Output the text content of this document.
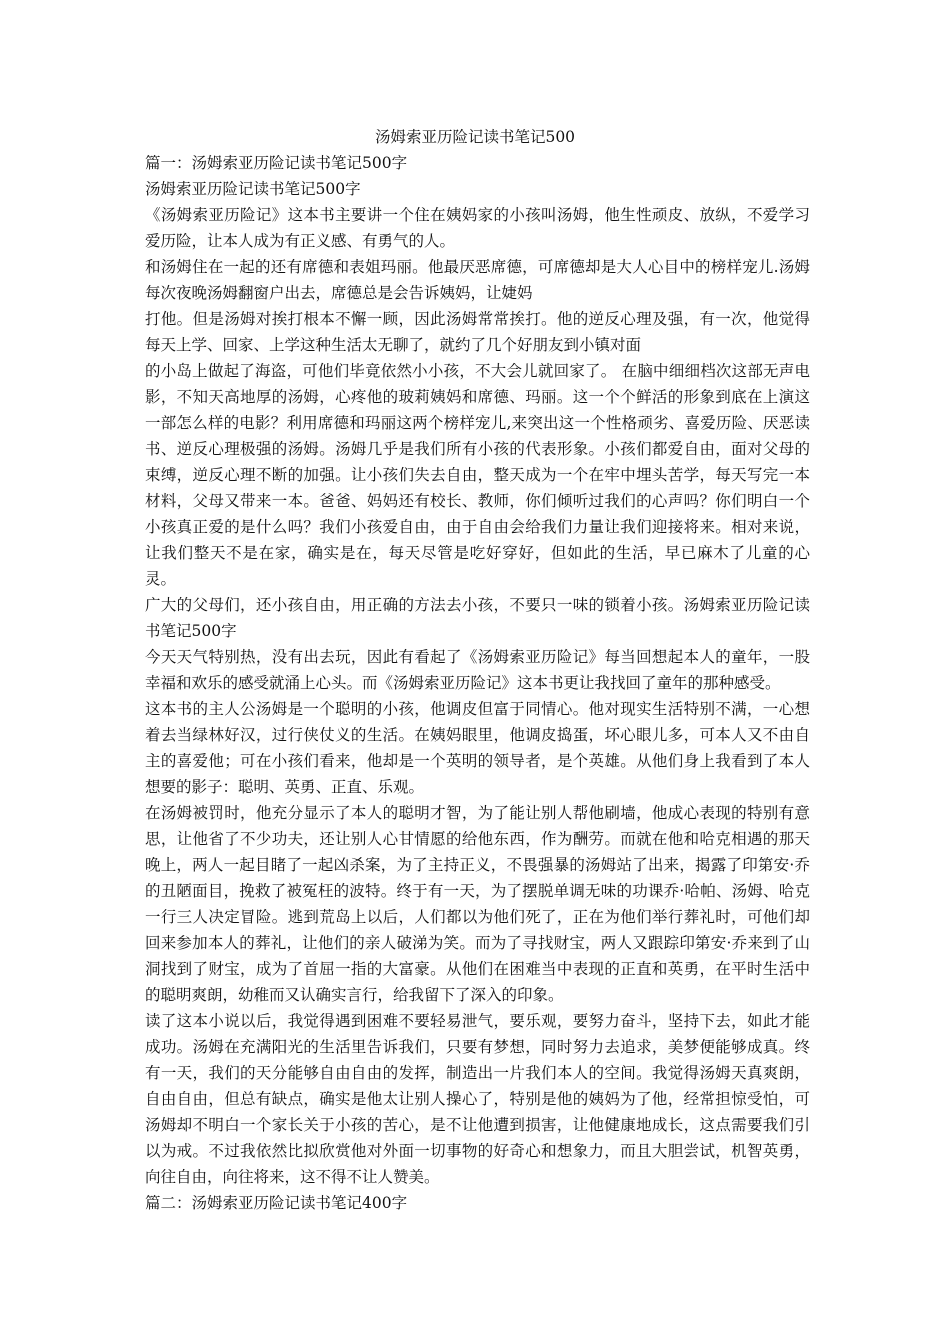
汤姆索亚历险记读书笔记500

篇一：汤姆索亚历险记读书笔记500字

汤姆索亚历险记读书笔记500字

《汤姆索亚历险记》这本书主要讲一个住在姨妈家的小孩叫汤姆，他生性顽皮、放纵，不爱学习爱历险，让本人成为有正义感、有勇气的人。

和汤姆住在一起的还有席德和表姐玛丽。他最厌恶席德，可席德却是大人心目中的榜样宠儿.汤姆每次夜晚汤姆翻窗户出去，席德总是会告诉姨妈，让婕妈

打他。但是汤姆对挨打根本不懈一顾，因此汤姆常常挨打。他的逆反心理及强，有一次，他觉得每天上学、回家、上学这种生活太无聊了，就约了几个好朋友到小镇对面

的小岛上做起了海盗，可他们毕竟依然小小孩，不大会儿就回家了。 在脑中细细档次这部无声电影，不知天高地厚的汤姆，心疼他的玻莉姨妈和席德、玛丽。这一个个鲜活的形象到底在上演这一部怎么样的电影？利用席德和玛丽这两个榜样宠儿,来突出这一个性格顽劣、喜爱历险、厌恶读书、逆反心理极强的汤姆。汤姆几乎是我们所有小孩的代表形象。小孩们都爱自由，面对父母的束缚，逆反心理不断的加强。让小孩们失去自由，整天成为一个在牢中埋头苦学，每天写完一本材料，父母又带来一本。爸爸、妈妈还有校长、教师，你们倾听过我们的心声吗？你们明白一个小孩真正爱的是什么吗？我们小孩爱自由，由于自由会给我们力量让我们迎接将来。相对来说，让我们整天不是在家，确实是在，每天尽管是吃好穿好，但如此的生活，早已麻木了儿童的心灵。

广大的父母们，还小孩自由，用正确的方法去小孩，不要只一味的锁着小孩。汤姆索亚历险记读书笔记500字

今天天气特别热，没有出去玩，因此有看起了《汤姆索亚历险记》每当回想起本人的童年，一股幸福和欢乐的感受就涌上心头。而《汤姆索亚历险记》这本书更让我找回了童年的那种感受。

这本书的主人公汤姆是一个聪明的小孩，他调皮但富于同情心。他对现实生活特别不满，一心想着去当绿林好汉，过行侠仗义的生活。在姨妈眼里，他调皮捣蛋，坏心眼儿多，可本人又不由自主的喜爱他；可在小孩们看来，他却是一个英明的领导者，是个英雄。从他们身上我看到了本人想要的影子：聪明、英勇、正直、乐观。

在汤姆被罚时，他充分显示了本人的聪明才智，为了能让别人帮他刷墙，他成心表现的特别有意思，让他省了不少功夫，还让别人心甘情愿的给他东西，作为酬劳。而就在他和哈克相遇的那天晚上，两人一起目睹了一起凶杀案，为了主持正义，不畏强暴的汤姆站了出来，揭露了印第安·乔的丑陋面目，挽救了被冤枉的波特。终于有一天，为了摆脱单调无味的功课乔·哈帕、汤姆、哈克一行三人决定冒险。逃到荒岛上以后，人们都以为他们死了，正在为他们举行葬礼时，可他们却回来参加本人的葬礼，让他们的亲人破涕为笑。而为了寻找财宝，两人又跟踪印第安·乔来到了山洞找到了财宝，成为了首屈一指的大富豪。从他们在困难当中表现的正直和英勇，在平时生活中的聪明爽朗，幼稚而又认确实言行，给我留下了深入的印象。

读了这本小说以后，我觉得遇到困难不要轻易泄气，要乐观，要努力奋斗，坚持下去，如此才能成功。汤姆在充满阳光的生活里告诉我们，只要有梦想，同时努力去追求，美梦便能够成真。终有一天，我们的天分能够自由自由的发挥，制造出一片我们本人的空间。我觉得汤姆天真爽朗，自由自由，但总有缺点，确实是他太让别人操心了，特别是他的姨妈为了他，经常担惊受怕，可汤姆却不明白一个家长关于小孩的苦心，是不让他遭到损害，让他健康地成长，这点需要我们引以为戒。不过我依然比拟欣赏他对外面一切事物的好奇心和想象力，而且大胆尝试，机智英勇，向往自由，向往将来，这不得不让人赞美。

篇二：汤姆索亚历险记读书笔记400字
